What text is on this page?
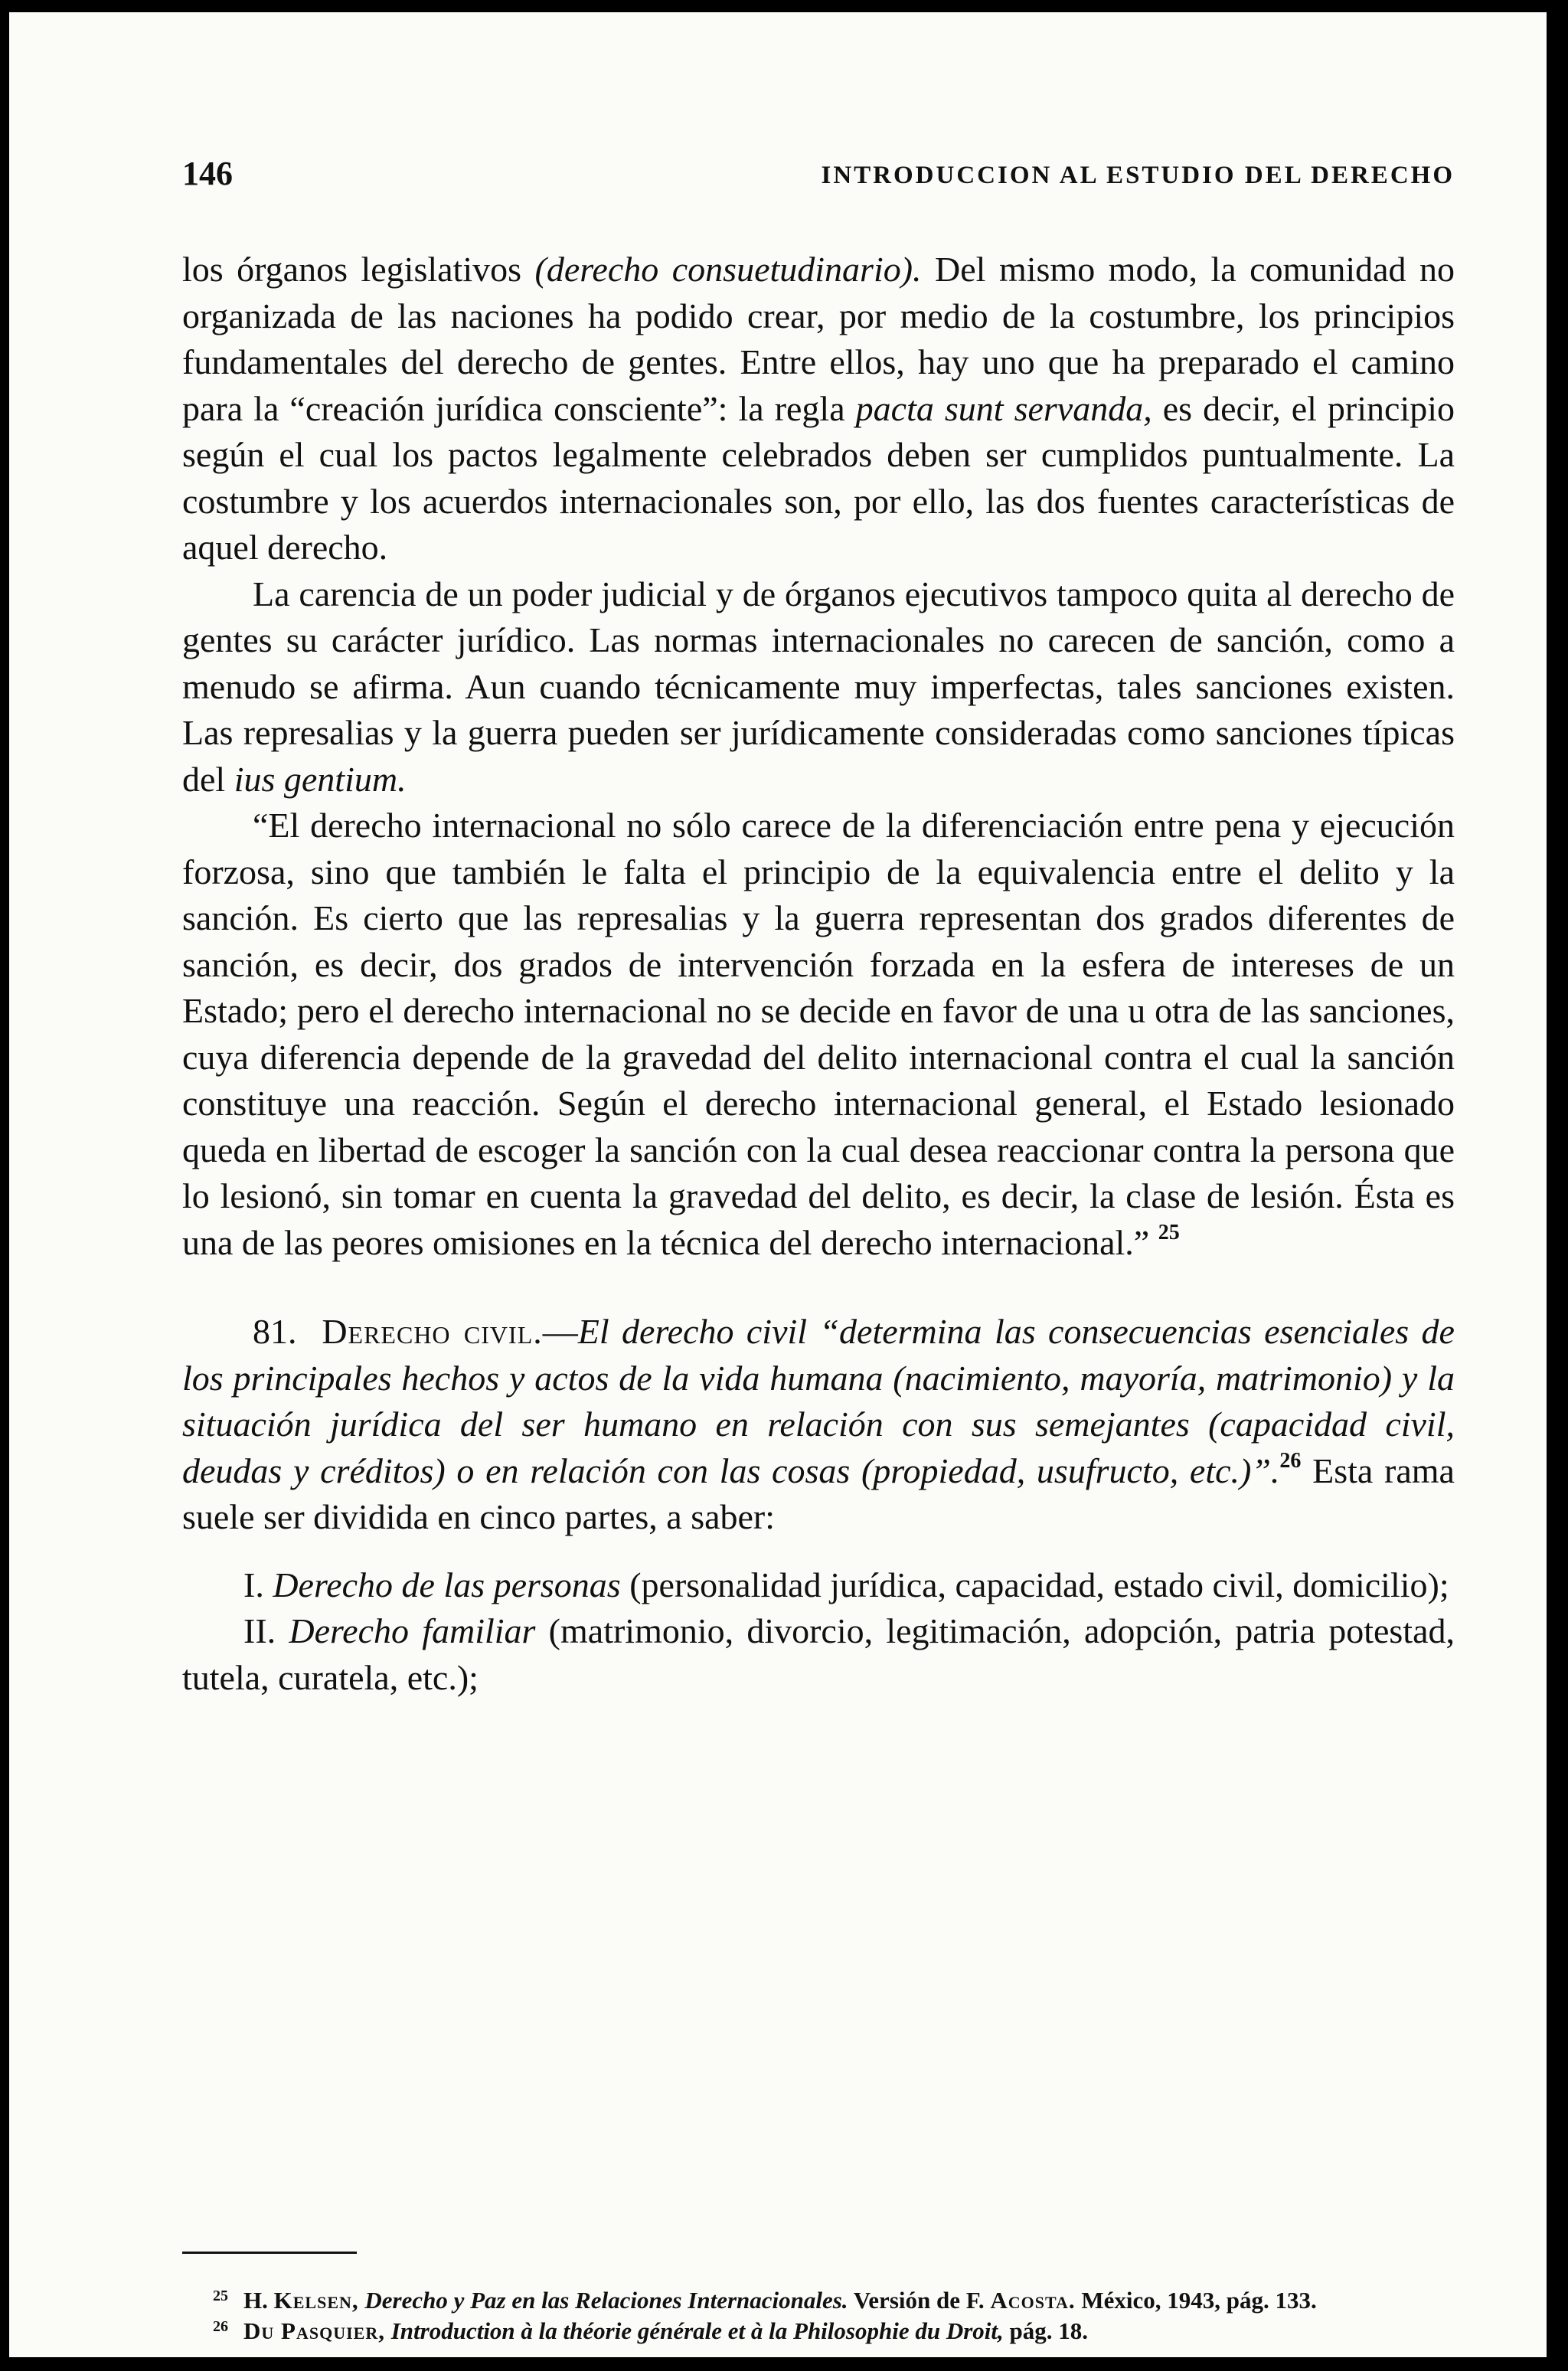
146	INTRODUCCION AL ESTUDIO DEL DERECHO

los órganos legislativos (derecho consuetudinario). Del mismo modo, la comunidad no organizada de las naciones ha podido crear, por medio de la costumbre, los principios fundamentales del derecho de gentes. Entre ellos, hay uno que ha preparado el camino para la “creación jurídica consciente”: la regla pacta sunt servanda, es decir, el principio según el cual los pactos legalmente celebrados deben ser cumplidos puntualmente. La costumbre y los acuerdos internacionales son, por ello, las dos fuentes características de aquel derecho.

La carencia de un poder judicial y de órganos ejecutivos tampoco quita al derecho de gentes su carácter jurídico. Las normas internacionales no carecen de sanción, como a menudo se afirma. Aun cuando técnicamente muy imperfectas, tales sanciones existen. Las represalias y la guerra pueden ser jurídicamente consideradas como sanciones típicas del ius gentium.

“El derecho internacional no sólo carece de la diferenciación entre pena y ejecución forzosa, sino que también le falta el principio de la equivalencia entre el delito y la sanción. Es cierto que las represalias y la guerra representan dos grados diferentes de sanción, es decir, dos grados de intervención forzada en la esfera de intereses de un Estado; pero el derecho internacional no se decide en favor de una u otra de las sanciones, cuya diferencia depende de la gravedad del delito internacional contra el cual la sanción constituye una reacción. Según el derecho internacional general, el Estado lesionado queda en libertad de escoger la sanción con la cual desea reaccionar contra la persona que lo lesionó, sin tomar en cuenta la gravedad del delito, es decir, la clase de lesión. Ésta es una de las peores omisiones en la técnica del derecho internacional.” $^{25}$

81. Derecho civil.—El derecho civil “determina las consecuencias esenciales de los principales hechos y actos de la vida humana (nacimiento, mayoría, matrimonio) y la situación jurídica del ser humano en relación con sus semejantes (capacidad civil, deudas y créditos) o en relación con las cosas (propiedad, usufructo, etc.)”.$^{26}$ Esta rama suele ser dividida en cinco partes, a saber:

I. Derecho de las personas (personalidad jurídica, capacidad, estado civil, domicilio);

II. Derecho familiar (matrimonio, divorcio, legitimación, adopción, patria potestad, tutela, curatela, etc.);

$^{25}$ H. Kelsen, Derecho y Paz en las Relaciones Internacionales. Versión de F. Acosta. México, 1943, pág. 133.

$^{26}$ Du Pasquier, Introduction à la théorie générale et à la Philosophie du Droit, pág. 18.
